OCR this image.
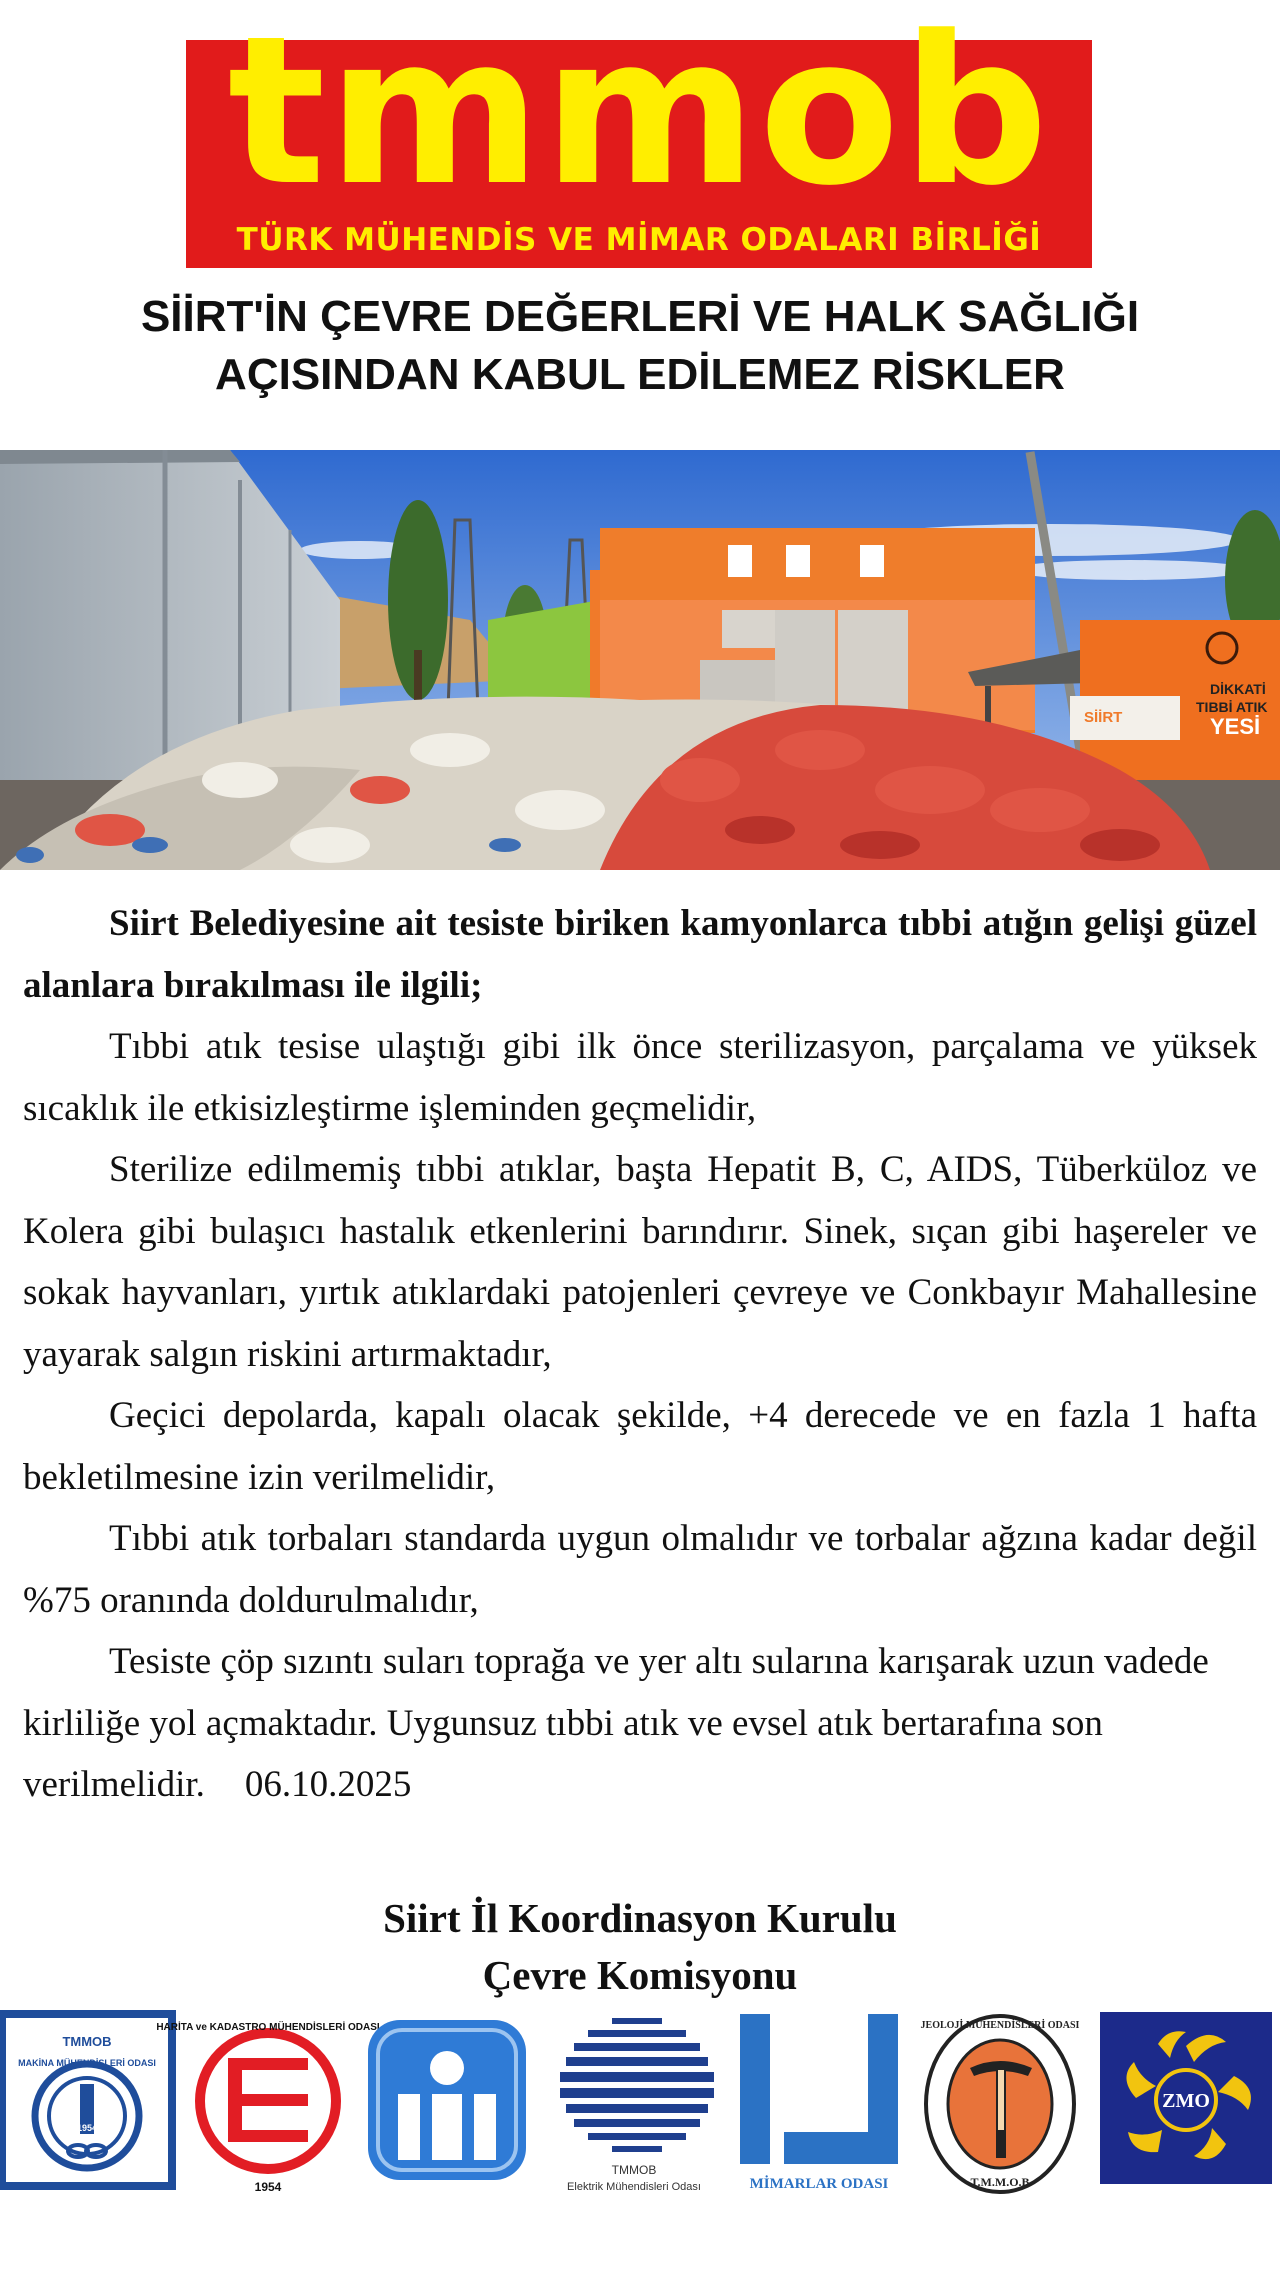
tmmob
TÜRK MÜHENDİS VE MİMAR ODALARI BİRLİĞİ
SİİRT'İN ÇEVRE DEĞERLERİ VE HALK SAĞLIĞI
AÇISINDAN KABUL EDİLEMEZ RİSKLER
DİKKATİ
TIBBİ ATIK
YESİ
SİİRT

Siirt Belediyesine ait tesiste biriken kamyonlarca tıbbi atığın gelişi güzel alanlara bırakılması ile ilgili;

Tıbbi atık tesise ulaştığı gibi ilk önce sterilizasyon, parçalama ve yüksek sıcaklık ile etkisizleştirme işleminden geçmelidir,

Sterilize edilmemiş tıbbi atıklar, başta Hepatit B, C, AIDS, Tüberküloz ve Kolera gibi bulaşıcı hastalık etkenlerini barındırır. Sinek, sıçan gibi haşereler ve sokak hayvanları, yırtık atıklardaki patojenleri çevreye ve Conkbayır Mahallesine yayarak salgın riskini artırmaktadır,

Geçici depolarda, kapalı olacak şekilde, +4 derecede ve en fazla 1 hafta bekletilmesine izin verilmelidir,

Tıbbi atık torbaları standarda uygun olmalıdır ve torbalar ağzına kadar değil %75 oranında doldurulmalıdır,

Tesiste çöp sızıntı suları toprağa ve yer altı sularına karışarak uzun vadede kirliliğe yol açmaktadır. Uygunsuz tıbbi atık ve evsel atık bertarafına son verilmelidir. 06.10.2025

Siirt İl Koordinasyon Kurulu
Çevre Komisyonu
TMMOB
MAKİNA MÜHENDİSLERİ ODASI
1954
HARİTA ve KADASTRO MÜHENDİSLERİ ODASI
1954
TMMOB
Elektrik Mühendisleri Odası	MİMARLAR ODASI
JEOLOJİ MÜHENDİSLERİ ODASI
T.M.M.O.B
ZMO
